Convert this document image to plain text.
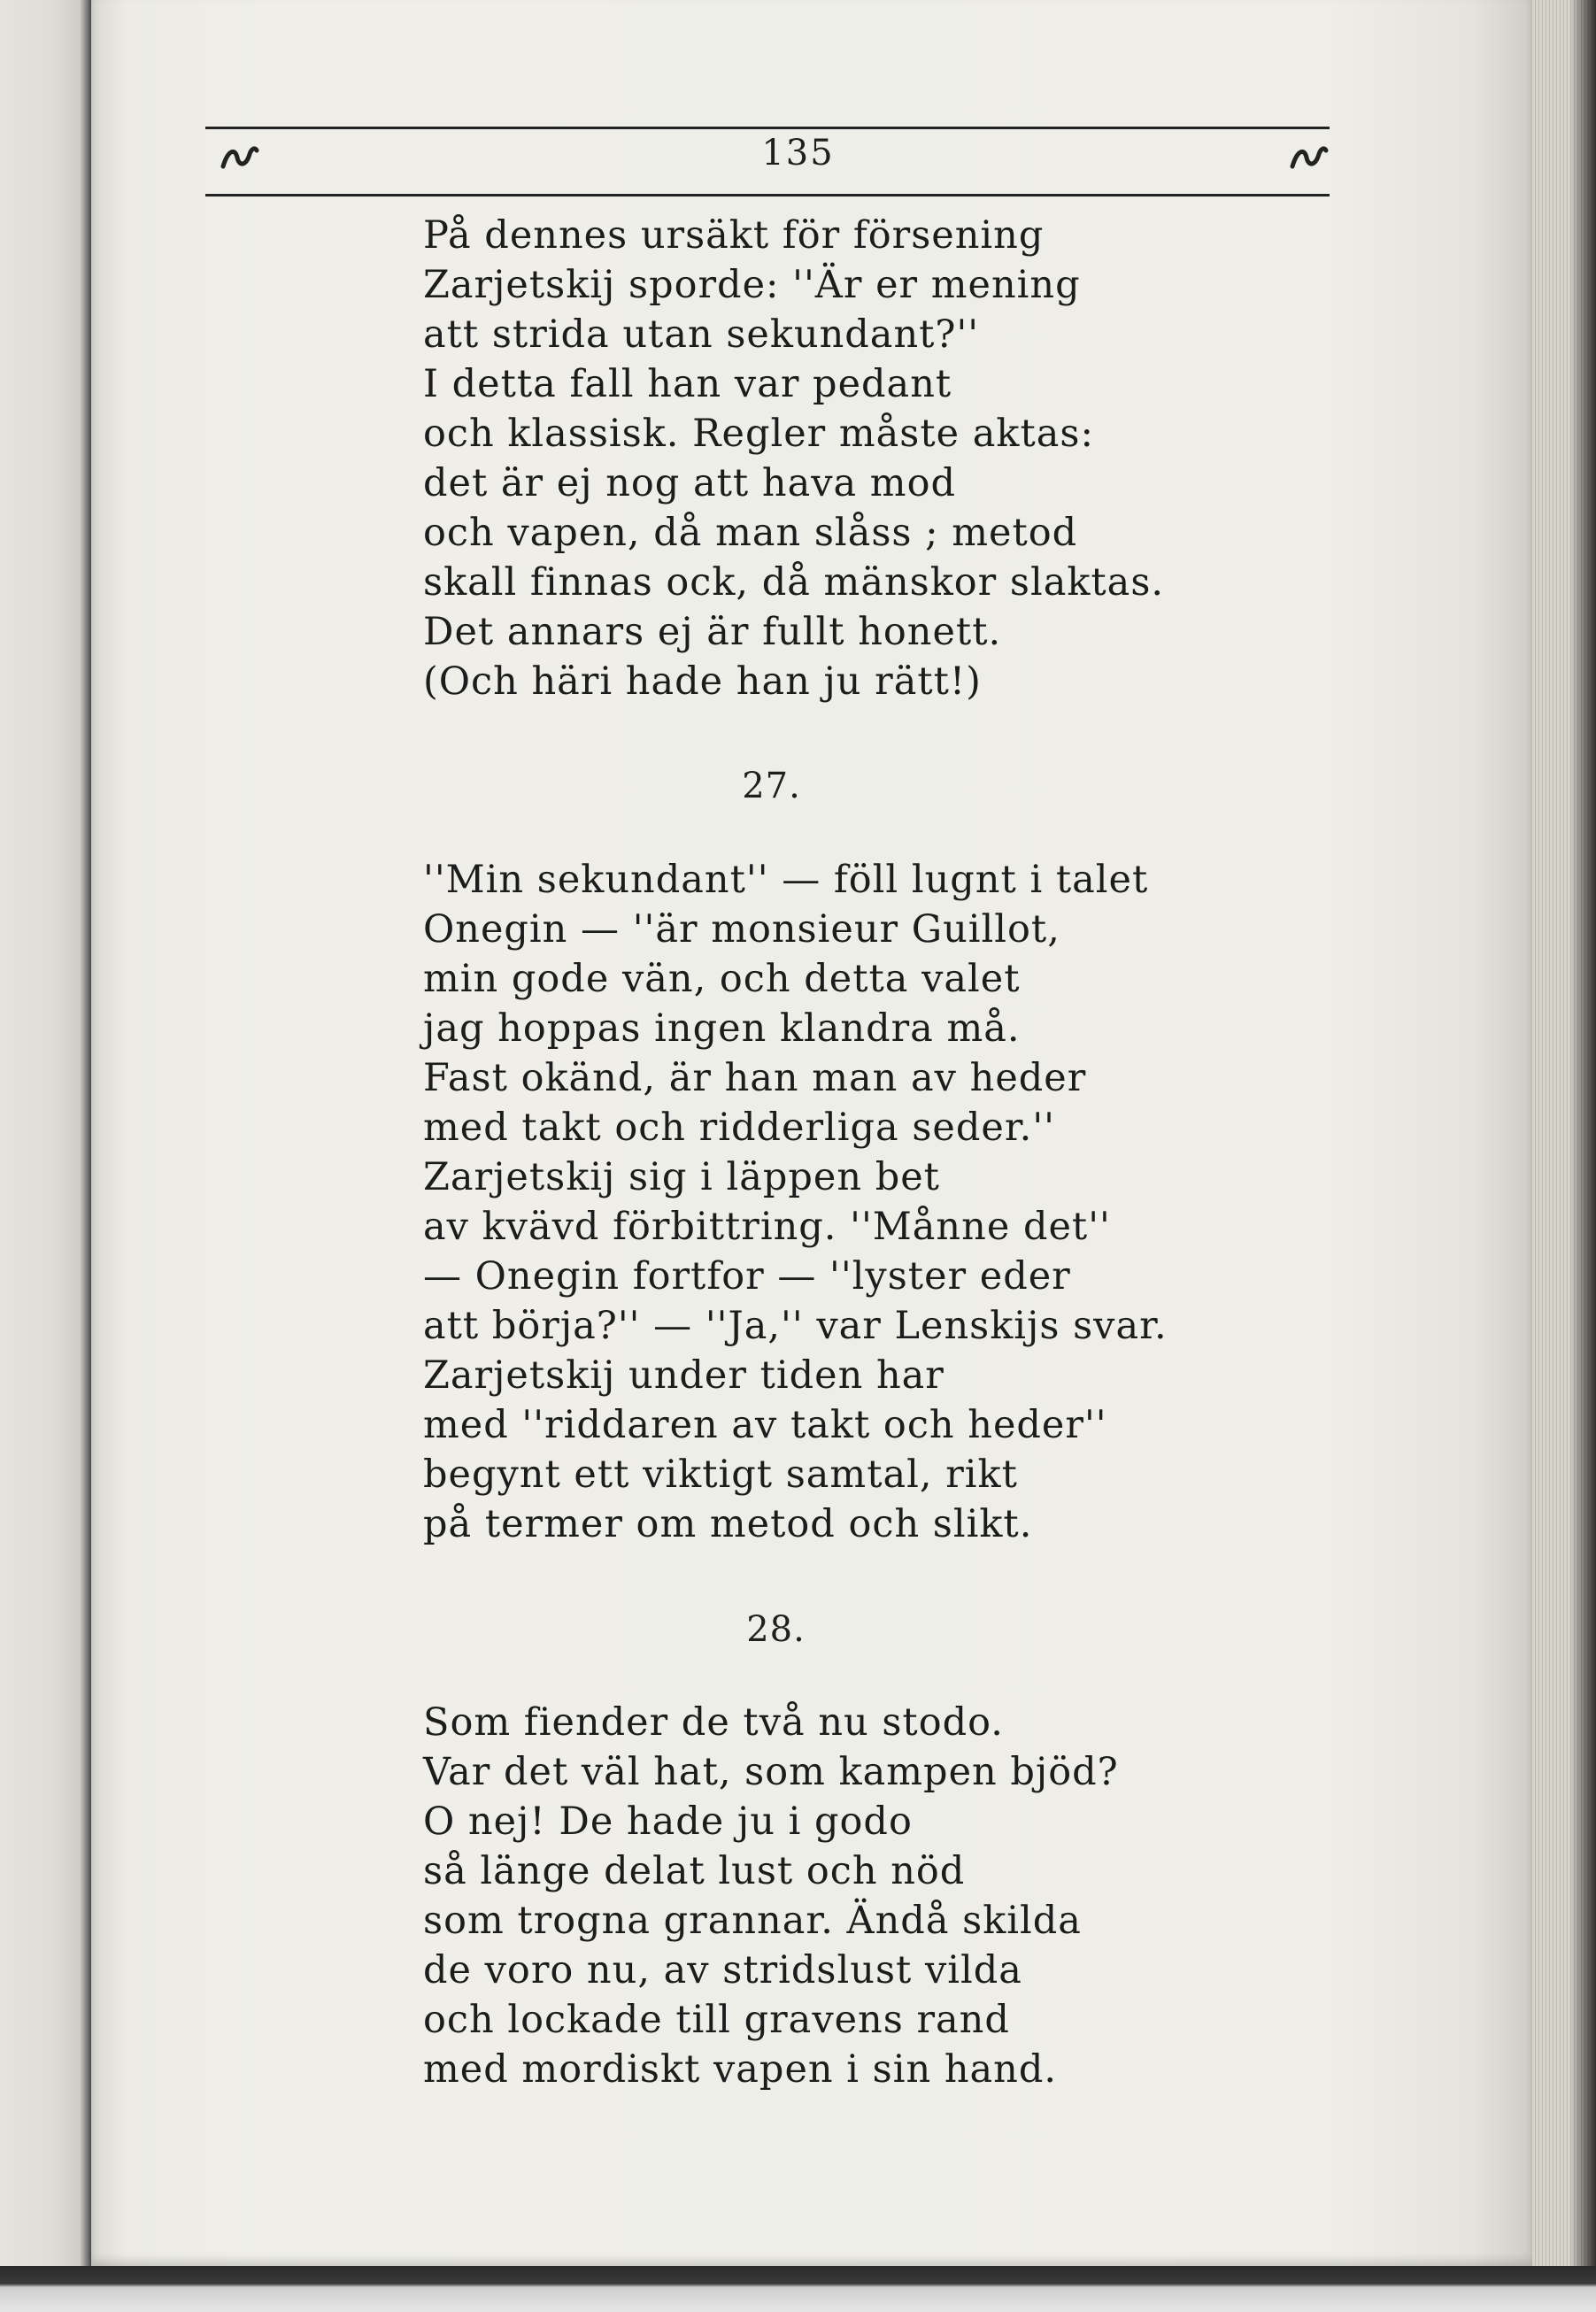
135
På dennes ursäkt för försening
Zarjetskij sporde: ''Är er mening
att strida utan sekundant?''
I detta fall han var pedant
och klassisk. Regler måste aktas:
det är ej nog att hava mod
och vapen, då man slåss ; metod
skall finnas ock, då mänskor slaktas.
Det annars ej är fullt honett.
(Och häri hade han ju rätt!)
27.
''Min sekundant'' — föll lugnt i talet
Onegin — ''är monsieur Guillot,
min gode vän, och detta valet
jag hoppas ingen klandra må.
Fast okänd, är han man av heder
med takt och ridderliga seder.''
Zarjetskij sig i läppen bet
av kvävd förbittring. ''Månne det''
— Onegin fortfor — ''lyster eder
att börja?'' — ''Ja,'' var Lenskijs svar.
Zarjetskij under tiden har
med ''riddaren av takt och heder''
begynt ett viktigt samtal, rikt
på termer om metod och slikt.
28.
Som fiender de två nu stodo.
Var det väl hat, som kampen bjöd?
O nej! De hade ju i godo
så länge delat lust och nöd
som trogna grannar. Ändå skilda
de voro nu, av stridslust vilda
och lockade till gravens rand
med mordiskt vapen i sin hand.
